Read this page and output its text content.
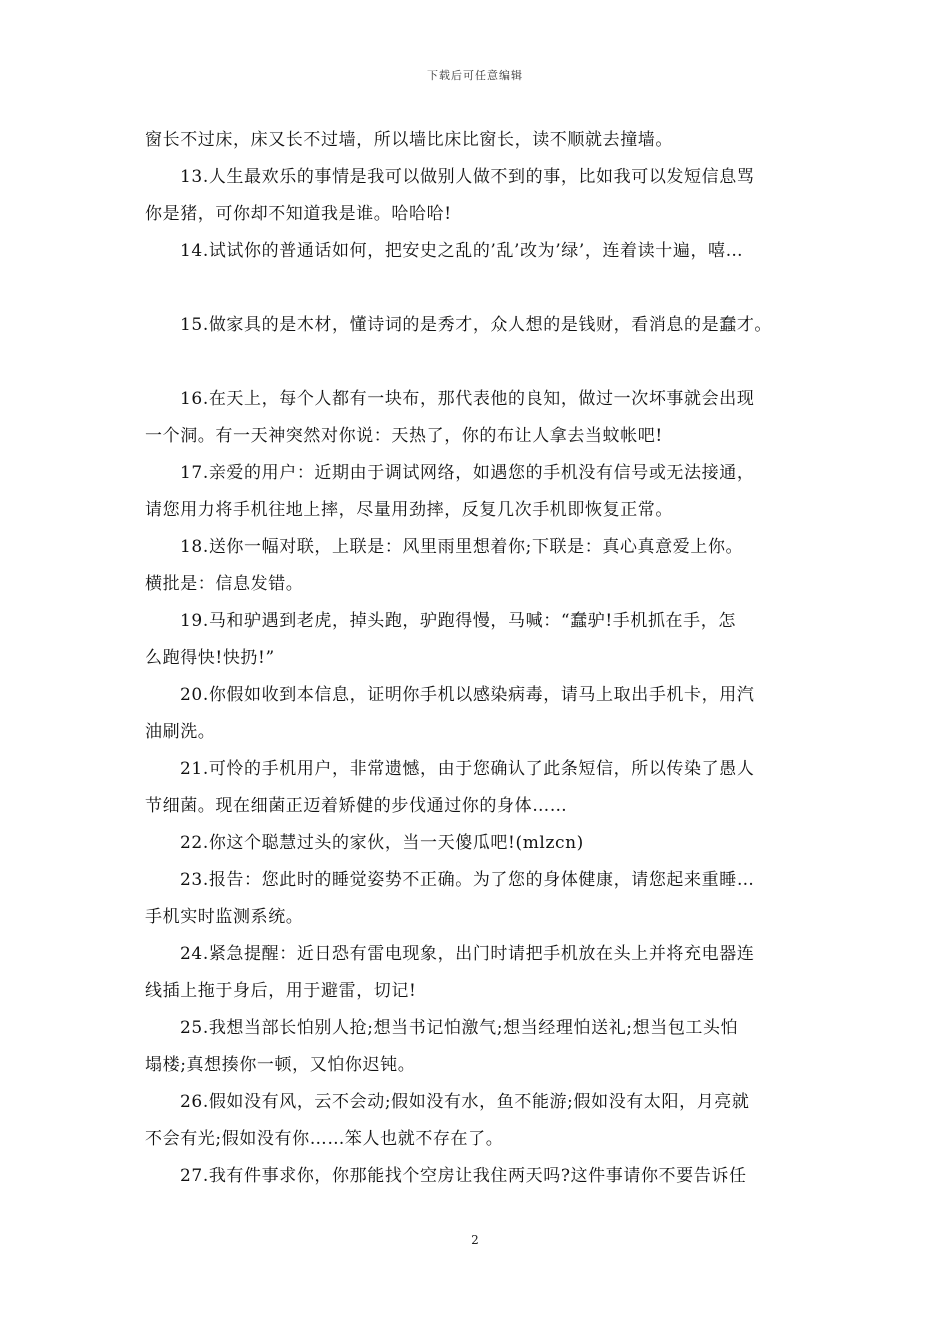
下载后可任意编辑
窗长不过床，床又长不过墙，所以墙比床比窗长，读不顺就去撞墙。
13.人生最欢乐的事情是我可以做别人做不到的事，比如我可以发短信息骂
你是猪，可你却不知道我是谁。哈哈哈!
14.试试你的普通话如何，把安史之乱的’乱’改为’绿’，连着读十遍，嘻…
15.做家具的是木材，懂诗词的是秀才，众人想的是钱财，看消息的是蠢才。
16.在天上，每个人都有一块布，那代表他的良知，做过一次坏事就会出现
一个洞。有一天神突然对你说：天热了，你的布让人拿去当蚊帐吧!
17.亲爱的用户：近期由于调试网络，如遇您的手机没有信号或无法接通，
请您用力将手机往地上摔，尽量用劲摔，反复几次手机即恢复正常。
18.送你一幅对联，上联是：风里雨里想着你;下联是：真心真意爱上你。
横批是：信息发错。
19.马和驴遇到老虎，掉头跑，驴跑得慢，马喊：“蠢驴!手机抓在手，怎
么跑得快!快扔!”
20.你假如收到本信息，证明你手机以感染病毒，请马上取出手机卡，用汽
油刷洗。
21.可怜的手机用户，非常遗憾，由于您确认了此条短信，所以传染了愚人
节细菌。现在细菌正迈着矫健的步伐通过你的身体……
22.你这个聪慧过头的家伙，当一天傻瓜吧!(mlzcn)
23.报告：您此时的睡觉姿势不正确。为了您的身体健康，请您起来重睡…
手机实时监测系统。
24.紧急提醒：近日恐有雷电现象，出门时请把手机放在头上并将充电器连
线插上拖于身后，用于避雷，切记!
25.我想当部长怕别人抢;想当书记怕激气;想当经理怕送礼;想当包工头怕
塌楼;真想揍你一顿，又怕你迟钝。
26.假如没有风，云不会动;假如没有水，鱼不能游;假如没有太阳，月亮就
不会有光;假如没有你……笨人也就不存在了。
27.我有件事求你，你那能找个空房让我住两天吗?这件事请你不要告诉任
2
